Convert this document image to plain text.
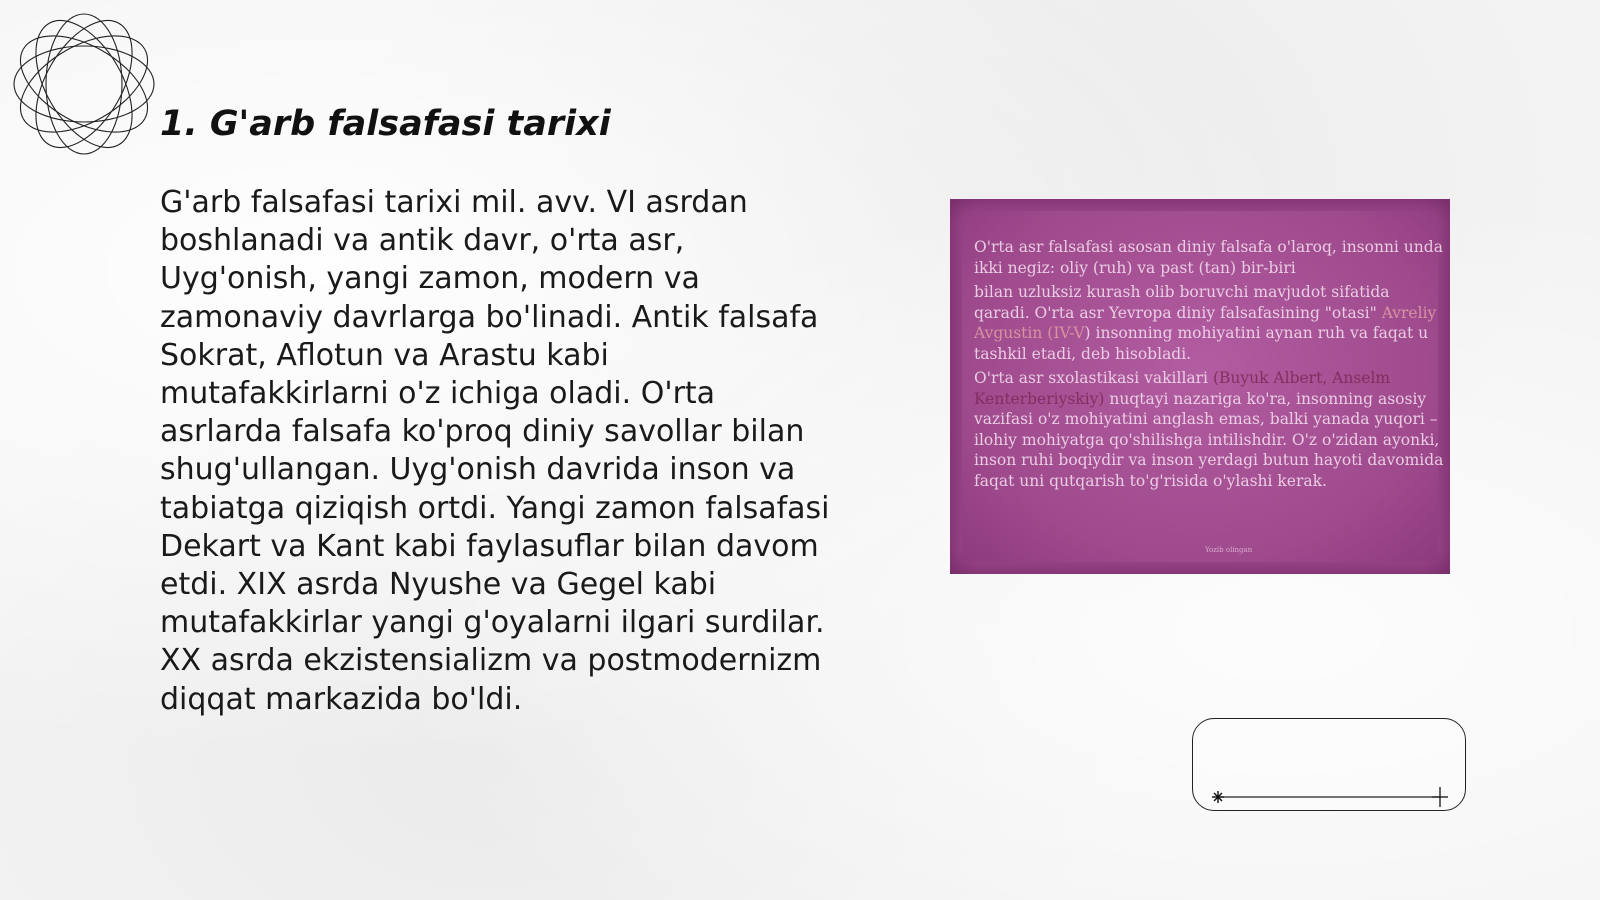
1. G'arb falsafasi tarixi
G'arb falsafasi tarixi mil. avv. VI asrdan boshlanadi va antik davr, o'rta asr, Uyg'onish, yangi zamon, modern va zamonaviy davrlarga bo'linadi. Antik falsafa Sokrat, Aflotun va Arastu kabi mutafakkirlarni o'z ichiga oladi. O'rta asrlarda falsafa ko'proq diniy savollar bilan shug'ullangan. Uyg'onish davrida inson va tabiatga qiziqish ortdi. Yangi zamon falsafasi Dekart va Kant kabi faylasuflar bilan davom etdi. XIX asrda Nyushe va Gegel kabi mutafakkirlar yangi g'oyalarni ilgari surdilar. XX asrda ekzistensializm va postmodernizm diqqat markazida bo'ldi.

O'rta asr falsafasi asosan diniy falsafa o'laroq, insonni unda ikki negiz: oliy (ruh) va past (tan) bir-biri

bilan uzluksiz kurash olib boruvchi mavjudot sifatida qaradi. O'rta asr Yevropa diniy falsafasining "otasi" Avreliy Avgustin (IV-V) insonning mohiyatini aynan ruh va faqat u tashkil etadi, deb hisobladi.

O'rta asr sxolastikasi vakillari (Buyuk Albert, Anselm Kenterberiyskiy) nuqtayi nazariga ko'ra, insonning asosiy vazifasi o'z mohiyatini anglash emas, balki yanada yuqori – ilohiy mohiyatga qo'shilishga intilishdir. O'z o'zidan ayonki, inson ruhi boqiydir va inson yerdagi butun hayoti davomida faqat uni qutqarish to'g'risida o'ylashi kerak.

Yozib olingan
